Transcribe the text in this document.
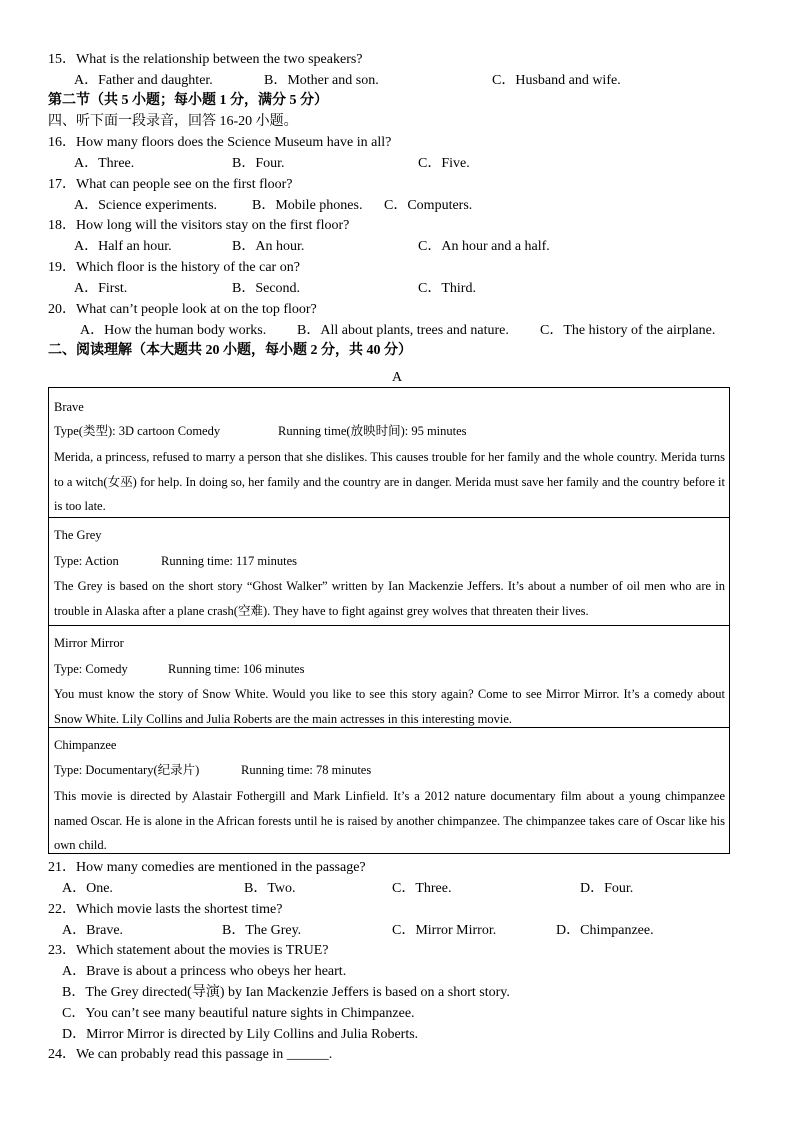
15．What is the relationship between the two speakers?
A．Father and daughter.	B．Mother and son.	C．Husband and wife.
第二节（共 5 小题；每小题 1 分，满分 5 分）
四、听下面一段录音，回答 16-20 小题。
16．How many floors does the Science Museum have in all?
A．Three.	B．Four.	C．Five.
17．What can people see on the first floor?
A．Science experiments. B．Mobile phones. C．Computers.
18．How long will the visitors stay on the first floor?
A．Half an hour.	B．An hour.	C．An hour and a half.
19．Which floor is the history of the car on?
A．First.	B．Second.	C．Third.
20．What can’t people look at on the top floor?
A．How the human body works. B．All about plants, trees and nature. C．The history of the airplane.
二、阅读理解（本大题共 20 小题，每小题 2 分，共 40 分）
A
Brave
Type(类型): 3D cartoon Comedy	Running time(放映时间): 95 minutes
Merida, a princess, refused to marry a person that she dislikes. This causes trouble for her family and the whole country. Merida turns to a witch(女巫) for help. In doing so, her family and the country are in danger. Merida must save her family and the country before it is too late.
The Grey
Type: Action	Running time: 117 minutes
The Grey is based on the short story “Ghost Walker” written by Ian Mackenzie Jeffers. It’s about a number of oil men who are in trouble in Alaska after a plane crash(空难). They have to fight against grey wolves that threaten their lives.
Mirror Mirror
Type: Comedy	Running time: 106 minutes
You must know the story of Snow White. Would you like to see this story again? Come to see Mirror Mirror. It’s a comedy about Snow White. Lily Collins and Julia Roberts are the main actresses in this interesting movie.
Chimpanzee
Type: Documentary(纪录片)	Running time: 78 minutes
This movie is directed by Alastair Fothergill and Mark Linfield. It’s a 2012 nature documentary film about a young chimpanzee named Oscar. He is alone in the African forests until he is raised by another chimpanzee. The chimpanzee takes care of Oscar like his own child.
21．How many comedies are mentioned in the passage?
A．One.	B．Two.	C．Three.	D．Four.
22．Which movie lasts the shortest time?
A．Brave.	B．The Grey.	C．Mirror Mirror.	D．Chimpanzee.
23．Which statement about the movies is TRUE?
A．Brave is about a princess who obeys her heart.
B．The Grey directed(导演) by Ian Mackenzie Jeffers is based on a short story.
C．You can’t see many beautiful nature sights in Chimpanzee.
D．Mirror Mirror is directed by Lily Collins and Julia Roberts.
24．We can probably read this passage in ______.
